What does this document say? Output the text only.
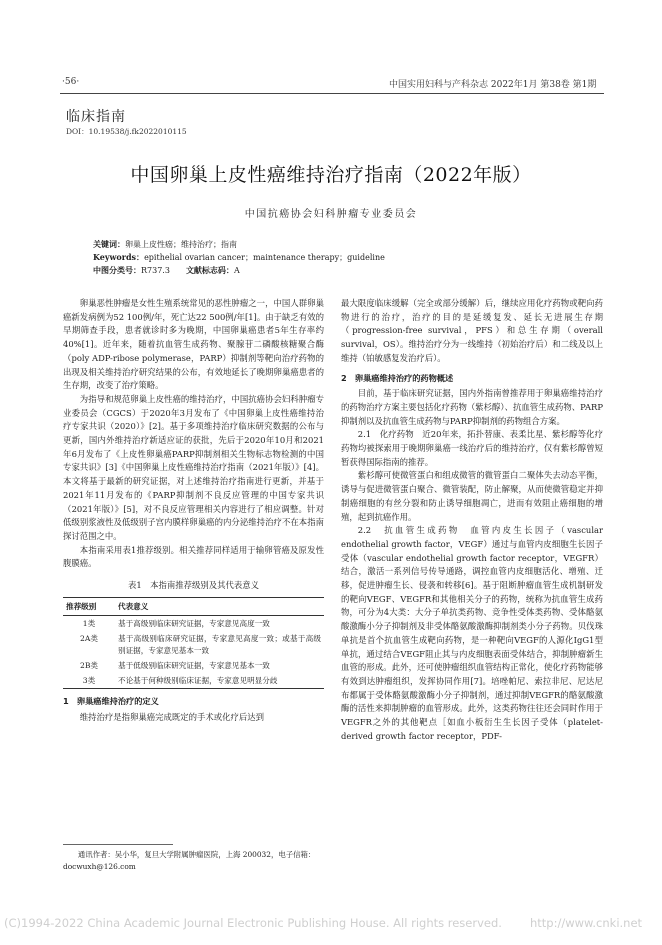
·56·	中国实用妇科与产科杂志 2022年1月 第38卷 第1期
临床指南
DOI：10.19538/j.fk2022010115
中国卵巢上皮性癌维持治疗指南（2022年版）
中国抗癌协会妇科肿瘤专业委员会
关键词：卵巢上皮性癌；维持治疗；指南
Keywords：epithelial ovarian cancer；maintenance therapy；guideline
中图分类号：R737.3　　 文献标志码：A

卵巢恶性肿瘤是女性生殖系统常见的恶性肿瘤之一，中国人群卵巢癌新发病例为52 100例/年，死亡达22 500例/年[1]。由于缺乏有效的早期筛查手段，患者就诊时多为晚期，中国卵巢癌患者5年生存率约40%[1]。近年来，随着抗血管生成药物、聚腺苷二磷酸核糖聚合酶（poly ADP-ribose polymerase，PARP）抑制剂等靶向治疗药物的出现及相关维持治疗研究结果的公布，有效地延长了晚期卵巢癌患者的生存期，改变了治疗策略。

为指导和规范卵巢上皮性癌的维持治疗，中国抗癌协会妇科肿瘤专业委员会（CGCS）于2020年3月发布了《中国卵巢上皮性癌维持治疗专家共识（2020）》[2]。基于多项维持治疗临床研究数据的公布与更新，国内外维持治疗新适应证的获批，先后于2020年10月和2021年6月发布了《上皮性卵巢癌PARP抑制剂相关生物标志物检测的中国专家共识》[3]《中国卵巢上皮性癌维持治疗指南（2021年版）》[4]。本文将基于最新的研究证据，对上述维持治疗指南进行更新，并基于2021年11月发布的《PARP抑制剂不良反应管理的中国专家共识（2021年版）》[5]，对不良反应管理相关内容进行了相应调整。针对低级别浆液性及低级别子宫内膜样卵巢癌的内分泌维持治疗不在本指南探讨范围之中。

本指南采用表1推荐级别。相关推荐同样适用于输卵管癌及原发性腹膜癌。

表1　本指南推荐级别及其代表意义
推荐级别	代表意义
1类	基于高级别临床研究证据，专家意见高度一致
2A类	基于高级别临床研究证据，专家意见高度一致；或基于高级别证据，专家意见基本一致
2B类	基于低级别临床研究证据，专家意见基本一致
3类	不论基于何种级别临床证据，专家意见明显分歧

1　卵巢癌维持治疗的定义

维持治疗是指卵巢癌完成既定的手术或化疗后达到

通讯作者：吴小华，复旦大学附属肿瘤医院，上海 200032，电子信箱：docwuxh@126.com

最大限度临床缓解（完全或部分缓解）后，继续应用化疗药物或靶向药物进行的治疗，治疗的目的是延缓复发、延长无进展生存期（progression-free survival，PFS）和总生存期（overall survival，OS）。维持治疗分为一线维持（初始治疗后）和二线及以上维持（铂敏感复发治疗后）。

2　卵巢癌维持治疗的药物概述

目前，基于临床研究证据，国内外指南曾推荐用于卵巢癌维持治疗的药物治疗方案主要包括化疗药物（紫杉醇）、抗血管生成药物、PARP抑制剂以及抗血管生成药物与PARP抑制剂的药物组合方案。

2.1　化疗药物　近20年来，拓扑替康、表柔比星、紫杉醇等化疗药物均被探索用于晚期卵巢癌一线治疗后的维持治疗，仅有紫杉醇曾短暂获得国际指南的推荐。

紫杉醇可使微管蛋白和组成微管的微管蛋白二聚体失去动态平衡，诱导与促进微管蛋白聚合、微管装配，防止解聚，从而使微管稳定并抑制癌细胞的有丝分裂和防止诱导细胞凋亡，进而有效阻止癌细胞的增殖，起到抗癌作用。

2.2　抗血管生成药物　血管内皮生长因子（vascular endothelial growth factor，VEGF）通过与血管内皮细胞生长因子受体（vascular endothelial growth factor receptor，VEGFR）结合，激活一系列信号传导通路，调控血管内皮细胞活化、增殖、迁移，促进肿瘤生长、侵袭和转移[6]。基于阻断肿瘤血管生成机制研发的靶向VEGF、VEGFR和其他相关分子的药物，统称为抗血管生成药物，可分为4大类：大分子单抗类药物、竞争性受体类药物、受体酪氨酸激酶小分子抑制剂及非受体酪氨酸激酶抑制剂类小分子药物。贝伐珠单抗是首个抗血管生成靶向药物，是一种靶向VEGF的人源化IgG1型单抗，通过结合VEGF阻止其与内皮细胞表面受体结合，抑制肿瘤新生血管的形成。此外，还可使肿瘤组织血管结构正常化，使化疗药物能够有效到达肿瘤组织，发挥协同作用[7]。培唑帕尼、索拉非尼、尼达尼布都属于受体酪氨酸激酶小分子抑制剂，通过抑制VEGFR的酪氨酸激酶的活性来抑制肿瘤的血管形成。此外，这类药物往往还会同时作用于VEGFR之外的其他靶点［如血小板衍生生长因子受体（platelet- derived growth factor receptor，PDF-

(C)1994-2022 China Academic Journal Electronic Publishing House. All rights reserved. http://www.cnki.net
